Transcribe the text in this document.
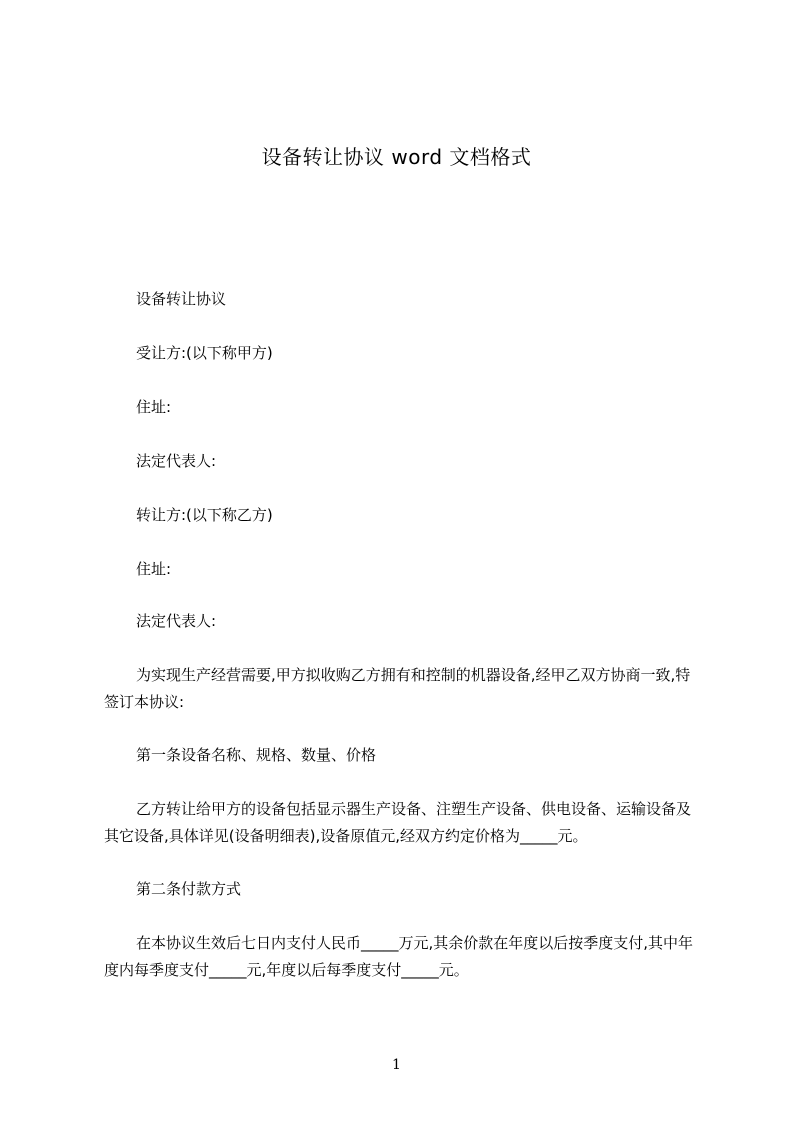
设备转让协议 word 文档格式

设备转让协议

受让方:(以下称甲方)

住址:

法定代表人:

转让方:(以下称乙方)

住址:

法定代表人:

为实现生产经营需要,甲方拟收购乙方拥有和控制的机器设备,经甲乙双方协商一致,特签订本协议:

第一条设备名称、规格、数量、价格

乙方转让给甲方的设备包括显示器生产设备、注塑生产设备、供电设备、运输设备及其它设备,具体详见(设备明细表),设备原值元,经双方约定价格为_____元。

第二条付款方式

在本协议生效后七日内支付人民币_____万元,其余价款在年度以后按季度支付,其中年度内每季度支付_____元,年度以后每季度支付_____元。

1
